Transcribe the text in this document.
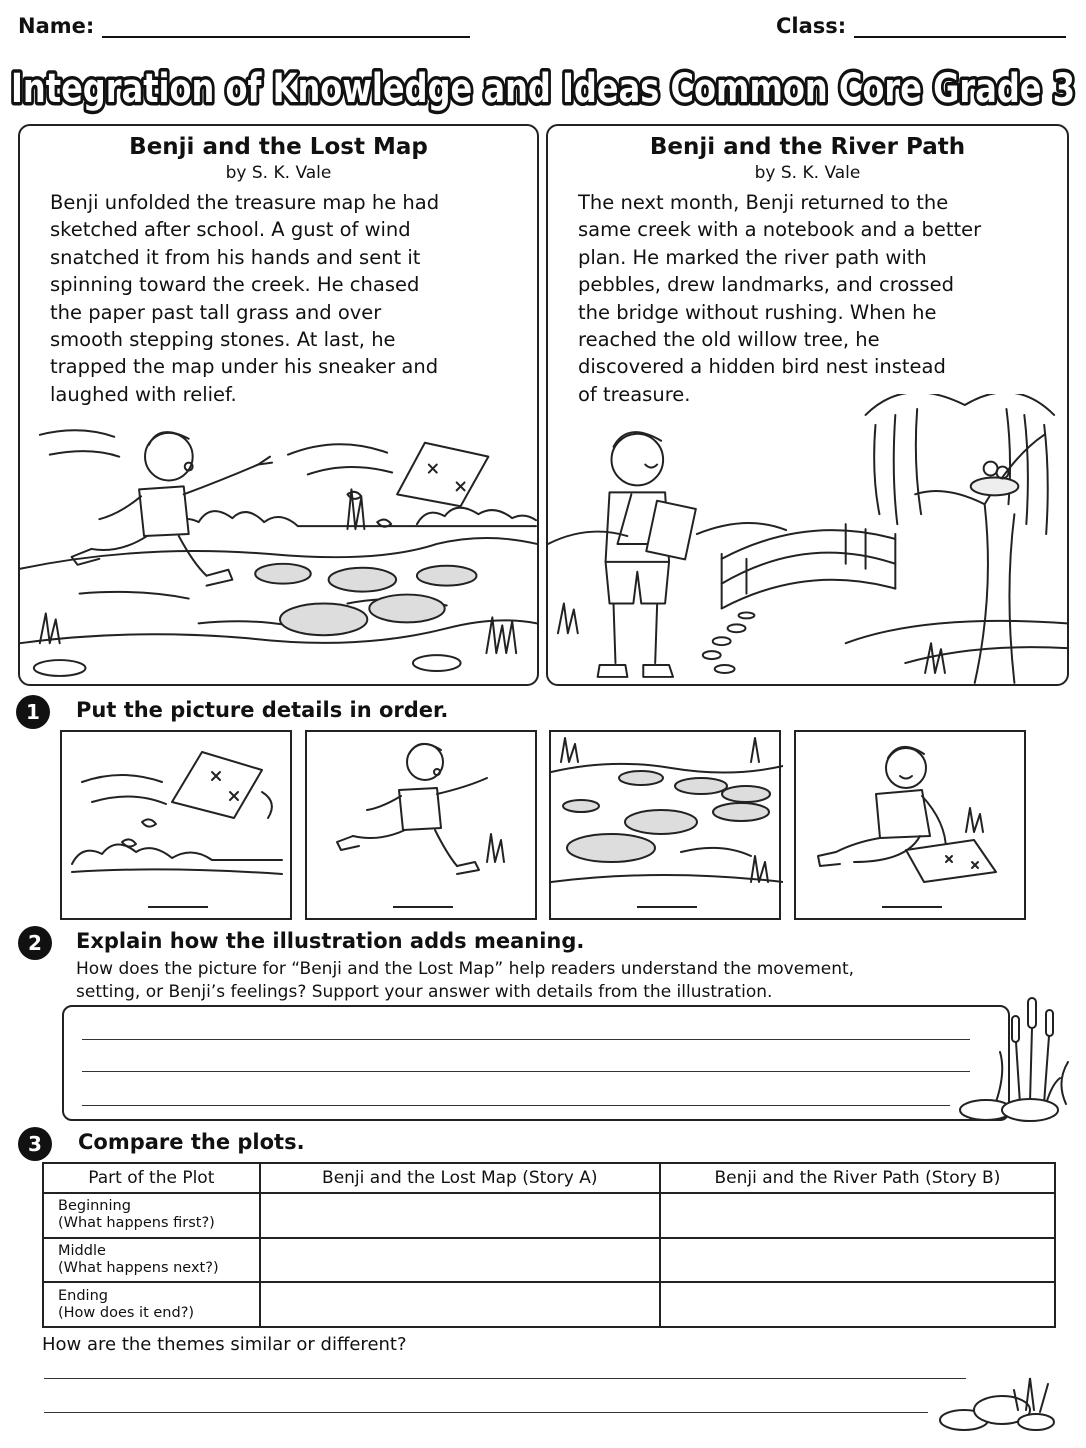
Name:	Class:
Integration of Knowledge and Ideas Common Core Grade 3
Benji and the Lost Map
by S. K. Vale
Benji unfolded the treasure map he had
sketched after school. A gust of wind
snatched it from his hands and sent it
spinning toward the creek. He chased
the paper past tall grass and over
smooth stepping stones. At last, he
trapped the map under his sneaker and
laughed with relief.
Benji and the River Path
by S. K. Vale
The next month, Benji returned to the
same creek with a notebook and a better
plan. He marked the river path with
pebbles, drew landmarks, and crossed
the bridge without rushing. When he
reached the old willow tree, he
discovered a hidden bird nest instead
of treasure.
1	Put the picture details in order.
2	Explain how the illustration adds meaning.
How does the picture for “Benji and the Lost Map” help readers understand the movement,
setting, or Benji’s feelings? Support your answer with details from the illustration.
3	Compare the plots.
Part of the Plot	Benji and the Lost Map (Story A)	Benji and the River Path (Story B)

Beginning
(What happens first?)		

Middle
(What happens next?)		

Ending
(How does it end?)		

How are the themes similar or different?
